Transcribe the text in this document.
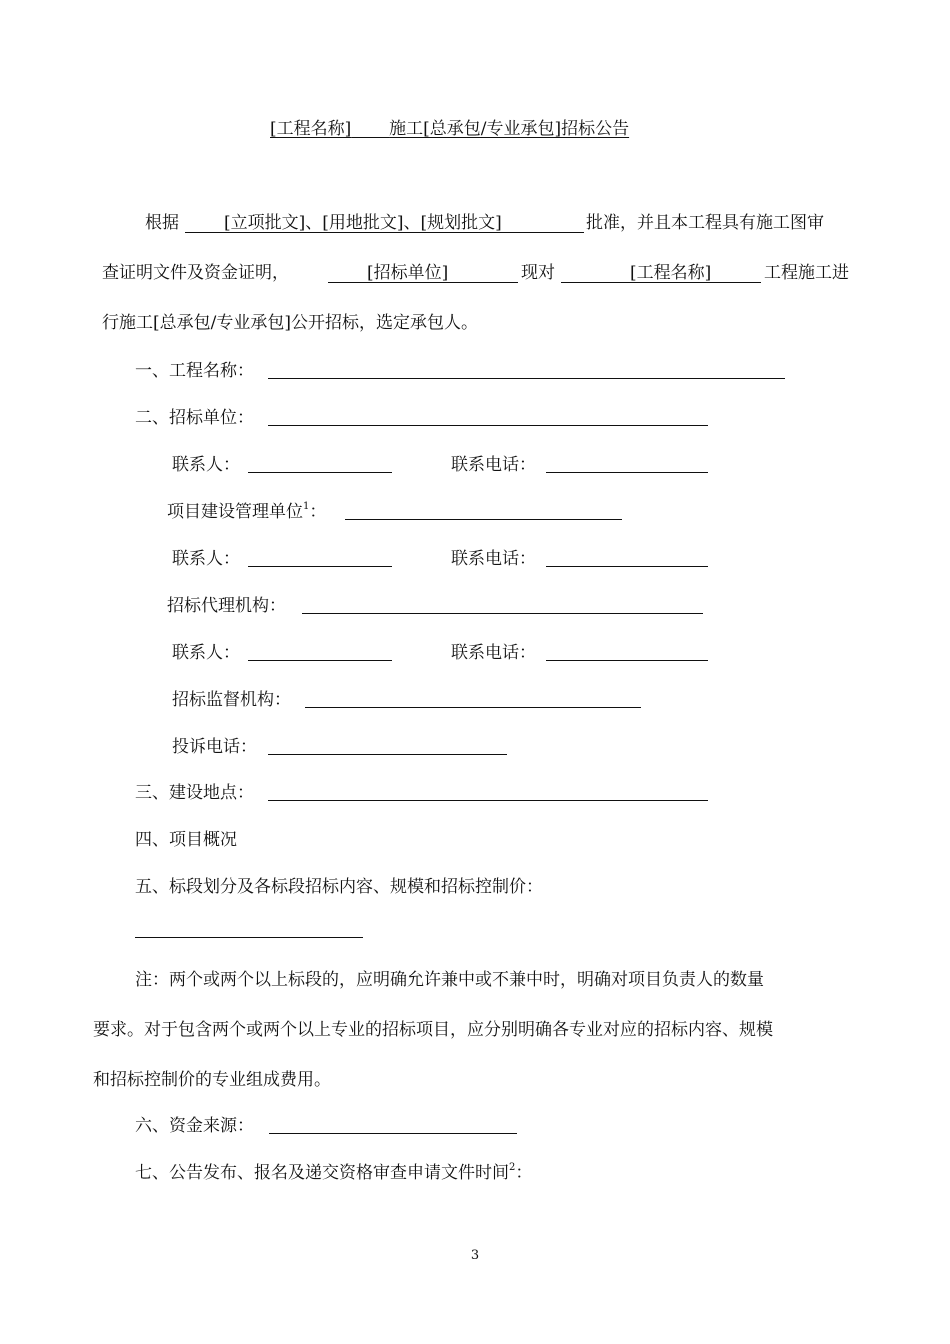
[工程名称] 施工[总承包/专业承包]招标公告
根据	[立项批文]、[用地批文]、[规划批文]	批准，并且本工程具有施工图审
查证明文件及资金证明，	[招标单位]	现对	[工程名称]	工程施工进
行施工[总承包/专业承包]公开招标，选定承包人。
一、工程名称：
二、招标单位：
联系人：	联系电话：
项目建设管理单位$^1$：
联系人：	联系电话：
招标代理机构：
联系人：	联系电话：
招标监督机构：
投诉电话：
三、建设地点：
四、项目概况
五、标段划分及各标段招标内容、规模和招标控制价：
注：两个或两个以上标段的，应明确允许兼中或不兼中时，明确对项目负责人的数量
要求。对于包含两个或两个以上专业的招标项目，应分别明确各专业对应的招标内容、规模
和招标控制价的专业组成费用。
六、资金来源：
七、公告发布、报名及递交资格审查申请文件时间$^2$：
3
